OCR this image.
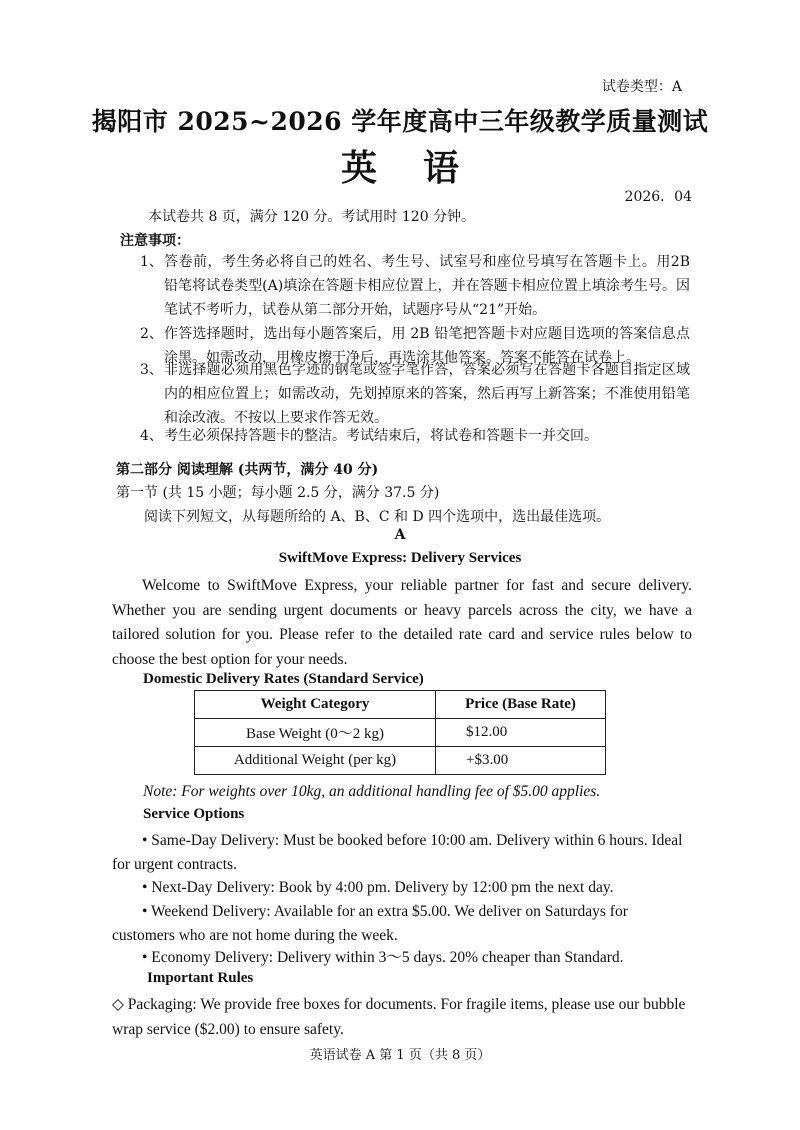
试卷类型：A
揭阳市 2025~2026 学年度高中三年级教学质量测试
英语
2026．04
本试卷共 8 页，满分 120 分。考试用时 120 分钟。
注意事项：
1、 答卷前，考生务必将自己的姓名、考生号、试室号和座位号填写在答题卡上。用2B 铅笔将试卷类型(A)填涂在答题卡相应位置上，并在答题卡相应位置上填涂考生号。因笔试不考听力，试卷从第二部分开始，试题序号从“21”开始。
2、 作答选择题时，选出每小题答案后，用 2B 铅笔把答题卡对应题目选项的答案信息点涂黑。如需改动，用橡皮擦干净后，再选涂其他答案。答案不能答在试卷上。
3、 非选择题必须用黑色字迹的钢笔或签字笔作答，答案必须写在答题卡各题目指定区域内的相应位置上；如需改动，先划掉原来的答案，然后再写上新答案；不准使用铅笔和涂改液。不按以上要求作答无效。
4、 考生必须保持答题卡的整洁。考试结束后，将试卷和答题卡一并交回。
第二部分 阅读理解 (共两节，满分 40 分)
第一节 (共 15 小题；每小题 2.5 分，满分 37.5 分)
阅读下列短文，从每题所给的 A、B、C 和 D 四个选项中，选出最佳选项。
A
SwiftMove Express: Delivery Services
Welcome to SwiftMove Express, your reliable partner for fast and secure delivery. Whether you are sending urgent documents or heavy parcels across the city, we have a tailored solution for you. Please refer to the detailed rate card and service rules below to choose the best option for your needs.
Domestic Delivery Rates (Standard Service)
Weight Category	Price (Base Rate)
Base Weight (0～2 kg)	$12.00
Additional Weight (per kg)	+$3.00
Note: For weights over 10kg, an additional handling fee of $5.00 applies.
Service Options
• Same-Day Delivery: Must be booked before 10:00 am. Delivery within 6 hours. Ideal for urgent contracts.
• Next-Day Delivery: Book by 4:00 pm. Delivery by 12:00 pm the next day.
• Weekend Delivery: Available for an extra $5.00. We deliver on Saturdays for customers who are not home during the week.
• Economy Delivery: Delivery within 3～5 days. 20% cheaper than Standard.
Important Rules
◇ Packaging: We provide free boxes for documents. For fragile items, please use our bubble wrap service ($2.00) to ensure safety.
英语试卷 A 第 1 页（共 8 页）
